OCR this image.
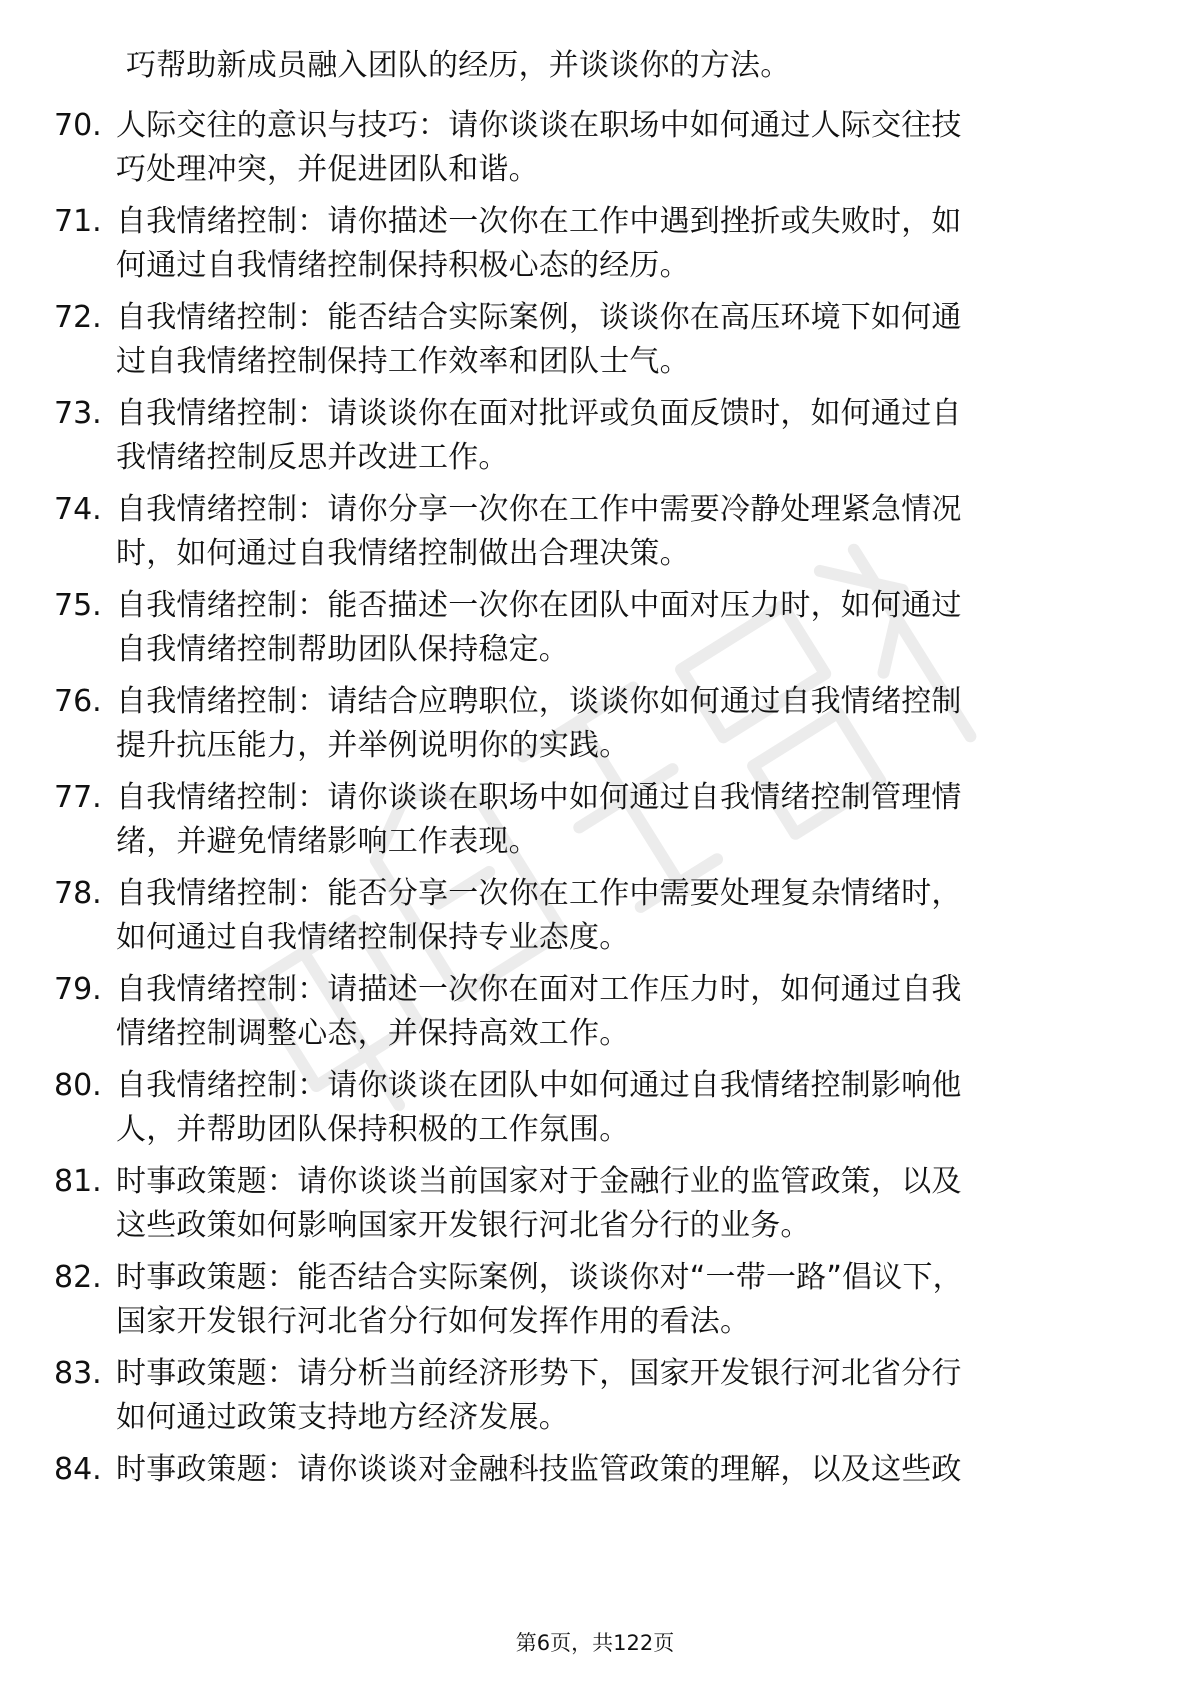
巧帮助新成员融入团队的经历，并谈谈你的方法。
70. 人际交往的意识与技巧：请你谈谈在职场中如何通过人际交往技
巧处理冲突，并促进团队和谐。
71. 自我情绪控制：请你描述一次你在工作中遇到挫折或失败时，如
何通过自我情绪控制保持积极心态的经历。
72. 自我情绪控制：能否结合实际案例，谈谈你在高压环境下如何通
过自我情绪控制保持工作效率和团队士气。
73. 自我情绪控制：请谈谈你在面对批评或负面反馈时，如何通过自
我情绪控制反思并改进工作。
74. 自我情绪控制：请你分享一次你在工作中需要冷静处理紧急情况
时，如何通过自我情绪控制做出合理决策。
75. 自我情绪控制：能否描述一次你在团队中面对压力时，如何通过
自我情绪控制帮助团队保持稳定。
76. 自我情绪控制：请结合应聘职位，谈谈你如何通过自我情绪控制
提升抗压能力，并举例说明你的实践。
77. 自我情绪控制：请你谈谈在职场中如何通过自我情绪控制管理情
绪，并避免情绪影响工作表现。
78. 自我情绪控制：能否分享一次你在工作中需要处理复杂情绪时，
如何通过自我情绪控制保持专业态度。
79. 自我情绪控制：请描述一次你在面对工作压力时，如何通过自我
情绪控制调整心态，并保持高效工作。
80. 自我情绪控制：请你谈谈在团队中如何通过自我情绪控制影响他
人，并帮助团队保持积极的工作氛围。
81. 时事政策题：请你谈谈当前国家对于金融行业的监管政策，以及
这些政策如何影响国家开发银行河北省分行的业务。
82. 时事政策题：能否结合实际案例，谈谈你对“一带一路”倡议下，
国家开发银行河北省分行如何发挥作用的看法。
83. 时事政策题：请分析当前经济形势下，国家开发银行河北省分行
如何通过政策支持地方经济发展。
84. 时事政策题：请你谈谈对金融科技监管政策的理解，以及这些政
第6页，共122页
